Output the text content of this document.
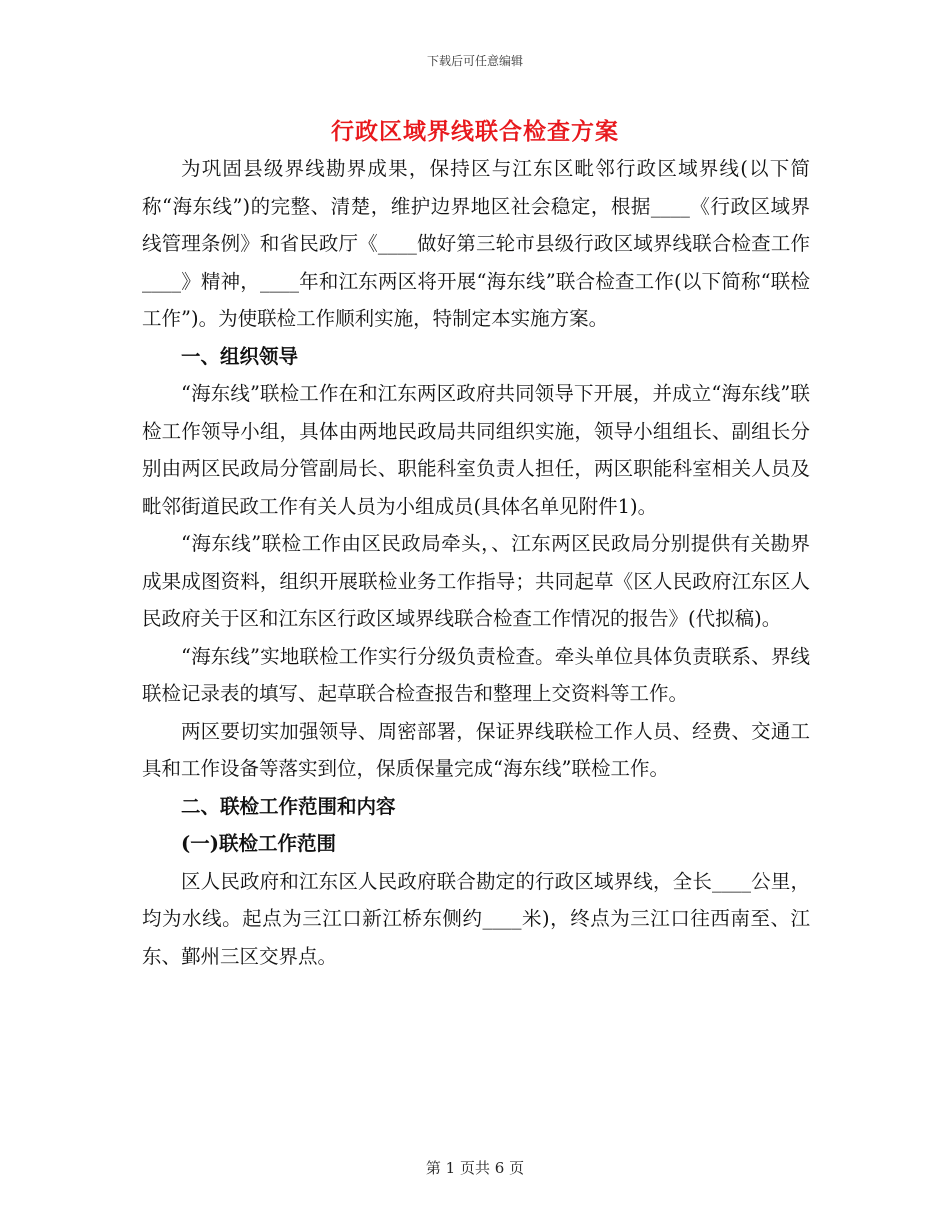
下载后可任意编辑
行政区域界线联合检查方案

为巩固县级界线勘界成果，保持区与江东区毗邻行政区域界线(以下简称“海东线”)的完整、清楚，维护边界地区社会稳定，根据____《行政区域界线管理条例》和省民政厅《____做好第三轮市县级行政区域界线联合检查工作____》精神，____年和江东两区将开展“海东线”联合检查工作(以下简称“联检工作”)。为使联检工作顺利实施，特制定本实施方案。

一、组织领导

“海东线”联检工作在和江东两区政府共同领导下开展，并成立“海东线”联检工作领导小组，具体由两地民政局共同组织实施，领导小组组长、副组长分别由两区民政局分管副局长、职能科室负责人担任，两区职能科室相关人员及毗邻街道民政工作有关人员为小组成员(具体名单见附件1)。

“海东线”联检工作由区民政局牵头，、江东两区民政局分别提供有关勘界成果成图资料，组织开展联检业务工作指导；共同起草《区人民政府江东区人民政府关于区和江东区行政区域界线联合检查工作情况的报告》(代拟稿)。

“海东线”实地联检工作实行分级负责检查。牵头单位具体负责联系、界线联检记录表的填写、起草联合检查报告和整理上交资料等工作。

两区要切实加强领导、周密部署，保证界线联检工作人员、经费、交通工具和工作设备等落实到位，保质保量完成“海东线”联检工作。

二、联检工作范围和内容
(一)联检工作范围

区人民政府和江东区人民政府联合勘定的行政区域界线，全长____公里，均为水线。起点为三江口新江桥东侧约____米)，终点为三江口往西南至、江东、鄞州三区交界点。

第 1 页共 6 页
